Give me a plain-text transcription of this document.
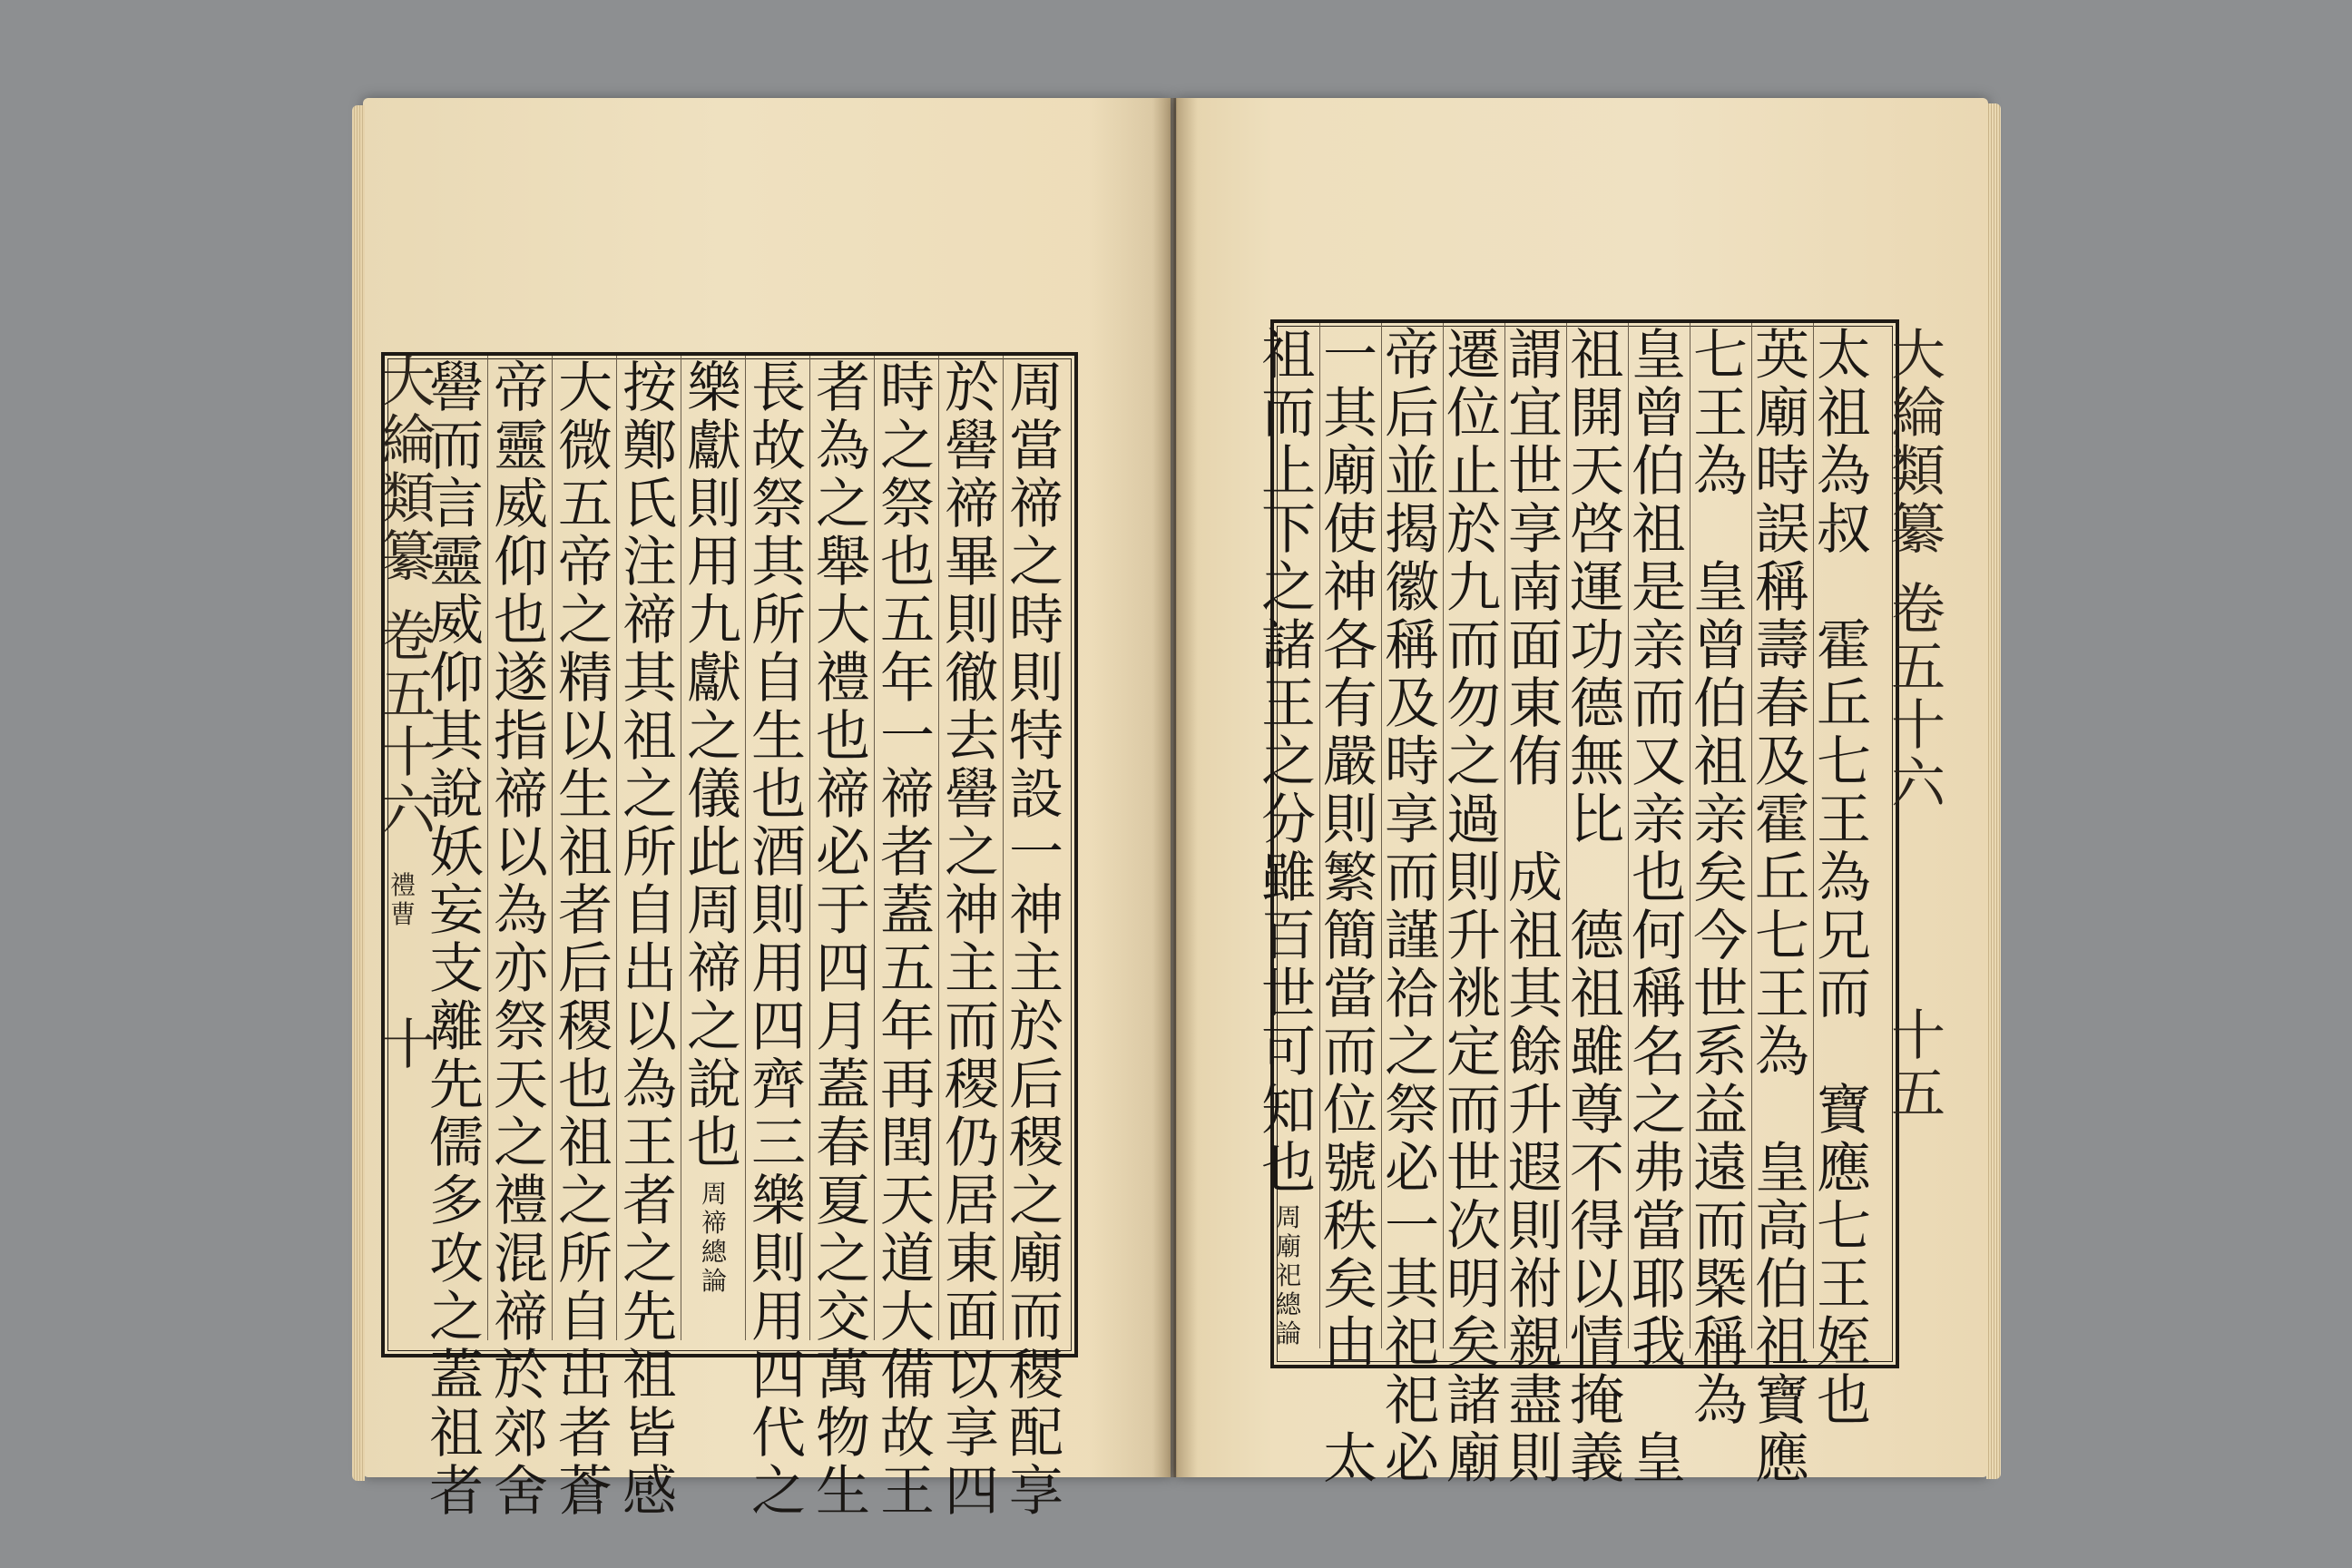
周
當
禘
之
時
則
特
設
一
神
主
於
后
稷
之
廟
而
稷
配
享
於
嚳
禘
畢
則
徹
去
嚳
之
神
主
而
稷
仍
居
東
面
以
享
四
時
之
祭
也
五
年
一
禘
者
蓋
五
年
再
閏
天
道
大
備
故
王
者
為
之
舉
大
禮
也
禘
必
于
四
月
蓋
春
夏
之
交
萬
物
生
長
故
祭
其
所
自
生
也
酒
則
用
四
齊
三
樂
則
用
四
代
之
樂
獻
則
用
九
獻
之
儀
此
周
禘
之
說
也
按
鄭
氏
注
禘
其
祖
之
所
自
出
以
為
王
者
之
先
祖
皆
感
大
微
五
帝
之
精
以
生
祖
者
后
稷
也
祖
之
所
自
出
者
蒼
帝
靈
威
仰
也
遂
指
禘
以
為
亦
祭
天
之
禮
混
禘
於
郊
舍
嚳
而
言
靈
威
仰
其
說
妖
妄
支
離
先
儒
多
攻
之
蓋
祖
者
周
禘
總
論
大
綸
類
纂
卷
五
十
六
禮
曹
十
太
祖
為
叔

霍
丘
七
王
為
兄
而

寶
應
七
王
姪
也
英
廟
時
誤
稱
壽
春
及
霍
丘
七
王
為

皇
高
伯
祖
寶
應
七
王
為

皇
曾
伯
祖
亲
矣
今
世
系
益
遠
而
槩
稱
為
皇
曾
伯
祖
是
亲
而
又
亲
也
何
稱
名
之
弗
當
耶
我

皇
祖
開
天
啓
運
功
德
無
比

德
祖
雖
尊
不
得
以
情
掩
義
謂
宜
世
享
南
面
東
侑

成
祖
其
餘
升
遐
則
祔
親
盡
則
遷
位
止
於
九
而
勿
之
過
則
升
祧
定
而
世
次
明
矣
諸
廟
帝
后
並
揭
徽
稱
及
時
享
而
謹
祫
之
祭
必
一
其
祀
祀
必
一
其
廟
使
神
各
有
嚴
則
繁
簡
當
而
位
號
秩
矣
由

太
祖
而
上
下
之
諸
王
之
分
雖
百
世
可
知
也
周
廟
祀
總
論
大
綸
類
纂
卷
五
十
六
十
五
